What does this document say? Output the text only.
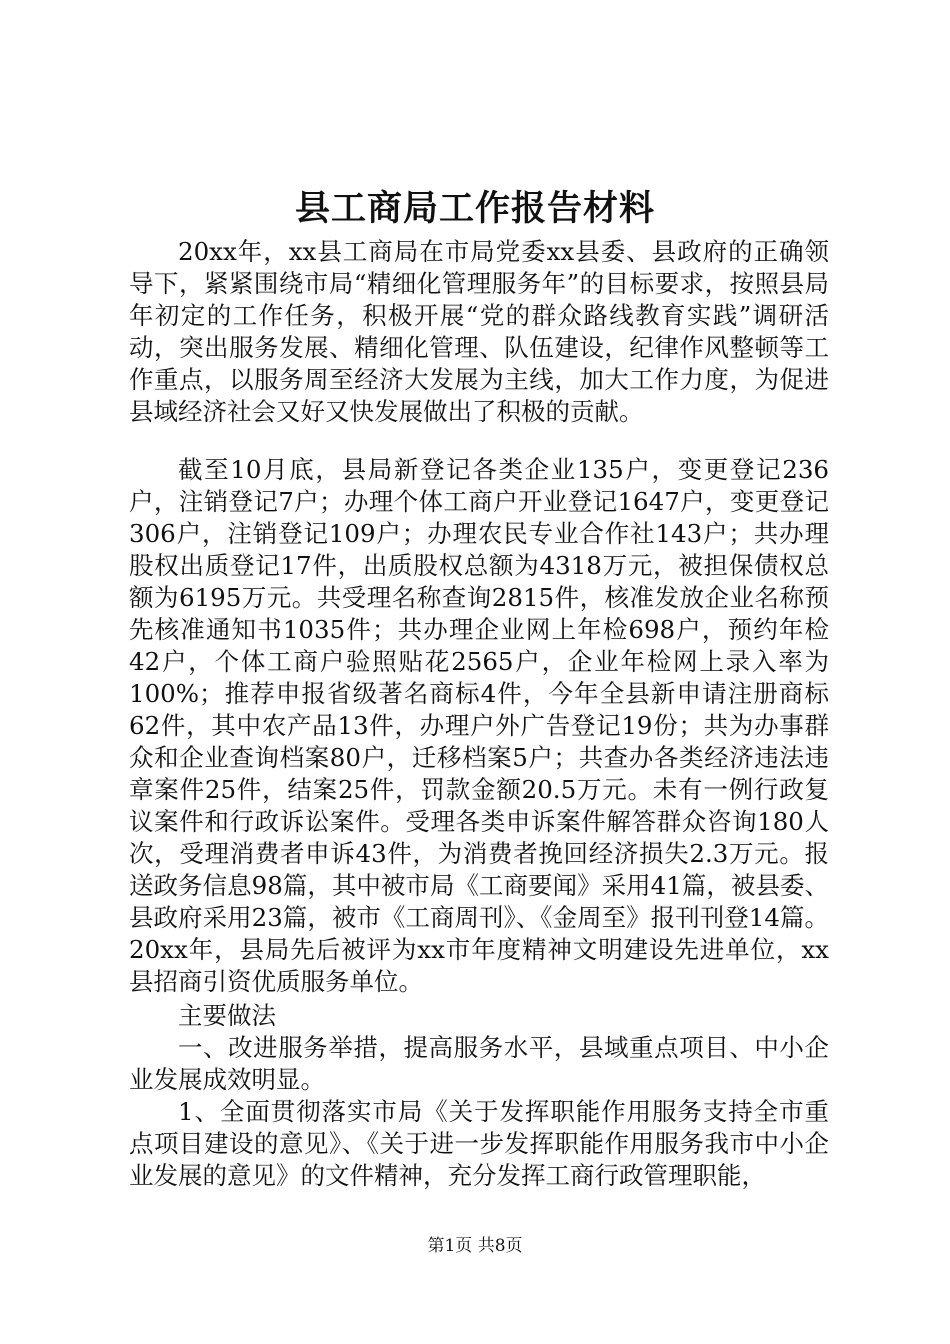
县工商局工作报告材料

20xx年，xx县工商局在市局党委xx县委、县政府的正确领导下，紧紧围绕市局“精细化管理服务年”的目标要求，按照县局年初定的工作任务，积极开展“党的群众路线教育实践”调研活动，突出服务发展、精细化管理、队伍建设，纪律作风整顿等工作重点，以服务周至经济大发展为主线，加大工作力度，为促进县域经济社会又好又快发展做出了积极的贡献。

截至10月底，县局新登记各类企业135户，变更登记236户，注销登记7户；办理个体工商户开业登记1647户，变更登记306户，注销登记109户；办理农民专业合作社143户；共办理股权出质登记17件，出质股权总额为4318万元，被担保债权总额为6195万元。共受理名称查询2815件，核准发放企业名称预先核准通知书1035件；共办理企业网上年检698户，预约年检42户，个体工商户验照贴花2565户，企业年检网上录入率为100%；推荐申报省级著名商标4件，今年全县新申请注册商标62件，其中农产品13件，办理户外广告登记19份；共为办事群众和企业查询档案80户，迁移档案5户；共查办各类经济违法违章案件25件，结案25件，罚款金额20.5万元。未有一例行政复议案件和行政诉讼案件。受理各类申诉案件解答群众咨询180人次，受理消费者申诉43件，为消费者挽回经济损失2.3万元。报送政务信息98篇，其中被市局《工商要闻》采用41篇，被县委、县政府采用23篇，被市《工商周刊》、《金周至》报刊刊登14篇。20xx年，县局先后被评为xx市年度精神文明建设先进单位，xx县招商引资优质服务单位。

主要做法
一、改进服务举措，提高服务水平，县域重点项目、中小企业发展成效明显。
1、全面贯彻落实市局《关于发挥职能作用服务支持全市重点项目建设的意见》、《关于进一步发挥职能作用服务我市中小企业发展的意见》的文件精神，充分发挥工商行政管理职能，

第1页 共8页
